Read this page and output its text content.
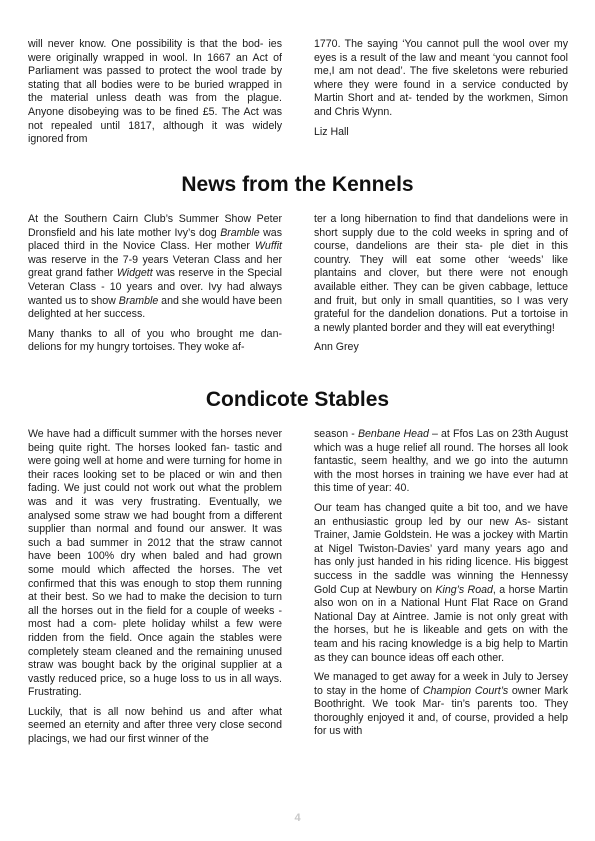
will never know. One possibility is that the bod- ies were originally wrapped in wool. In 1667 an Act of Parliament was passed to protect the wool trade by stating that all bodies were to be buried wrapped in the material unless death was from the plague. Anyone disobeying was to be fined £5. The Act was not repealed until 1817, although it was widely ignored from

1770. The saying ‘You cannot pull the wool over my eyes is a result of the law and meant ‘you cannot fool me,I am not dead’. The five skeletons were reburied where they were found in a service conducted by Martin Short and at- tended by the workmen, Simon and Chris Wynn.

Liz Hall

News from the Kennels

At the Southern Cairn Club’s Summer Show Peter Dronsfield and his late mother Ivy’s dog Bramble was placed third in the Novice Class. Her mother Wuffit was reserve in the 7-9 years Veteran Class and her great grand father Widgett was reserve in the Special Veteran Class - 10 years and over. Ivy had always wanted us to show Bramble and she would have been delighted at her success.

Many thanks to all of you who brought me dan- delions for my hungry tortoises. They woke af-

ter a long hibernation to find that dandelions were in short supply due to the cold weeks in spring and of course, dandelions are their sta- ple diet in this country. They will eat some other ‘weeds’ like plantains and clover, but there were not enough available either. They can be given cabbage, lettuce and fruit, but only in small quantities, so I was very grateful for the dandelion donations. Put a tortoise in a newly planted border and they will eat everything!

Ann Grey

Condicote Stables

We have had a difficult summer with the horses never being quite right. The horses looked fan- tastic and were going well at home and were turning for home in their races looking set to be placed or win and then fading. We just could not work out what the problem was and it was very frustrating. Eventually, we analysed some straw we had bought from a different supplier than normal and found our answer. It was such a bad summer in 2012 that the straw cannot have been 100% dry when baled and had grown some mould which affected the horses. The vet confirmed that this was enough to stop them running at their best. So we had to make the decision to turn all the horses out in the field for a couple of weeks - most had a com- plete holiday whilst a few were ridden from the field. Once again the stables were completely steam cleaned and the remaining unused straw was bought back by the original supplier at a vastly reduced price, so a huge loss to us in all ways. Frustrating.

Luckily, that is all now behind us and after what seemed an eternity and after three very close second placings, we had our first winner of the

season - Benbane Head – at Ffos Las on 23th August which was a huge relief all round. The horses all look fantastic, seem healthy, and we go into the autumn with the most horses in training we have ever had at this time of year: 40.

Our team has changed quite a bit too, and we have an enthusiastic group led by our new As- sistant Trainer, Jamie Goldstein. He was a jockey with Martin at Nigel Twiston-Davies’ yard many years ago and has only just handed in his riding licence. His biggest success in the saddle was winning the Hennessy Gold Cup at Newbury on King’s Road, a horse Martin also won on in a National Hunt Flat Race on Grand National Day at Aintree. Jamie is not only great with the horses, but he is likeable and gets on with the team and his racing knowledge is a big help to Martin as they can bounce ideas off each other.

We managed to get away for a week in July to Jersey to stay in the home of Champion Court’s owner Mark Boothright. We took Mar- tin’s parents too. They thoroughly enjoyed it and, of course, provided a help for us with

4
